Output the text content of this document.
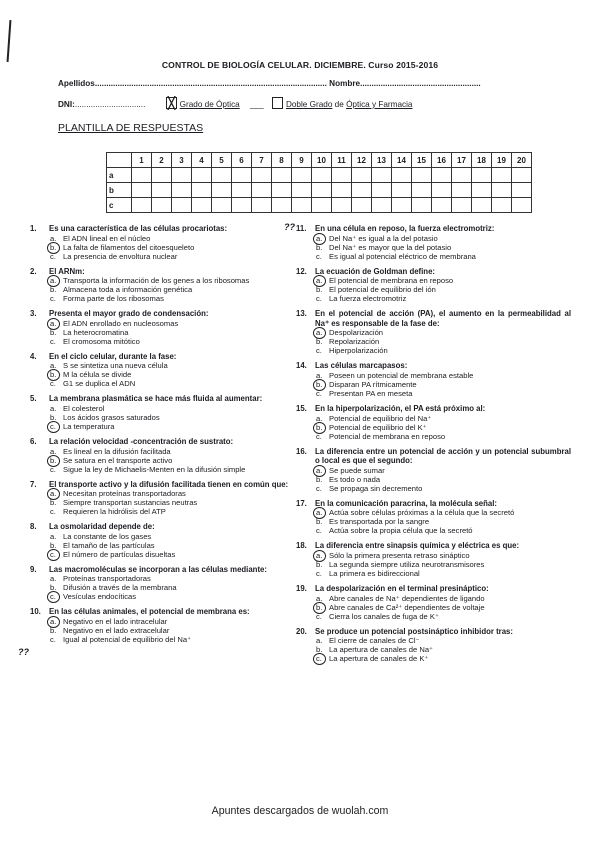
CONTROL DE BIOLOGÍA CELULAR. DICIEMBRE. Curso 2015-2016
Apellidos...................................................................................................... Nombre.....................................................
DNI:...............................	Grado de Óptica ___	Doble Grado de Óptica y Farmacia
PLANTILLA DE RESPUESTAS
	1	2	3	4	5	6	7	8	9	10	11	12	13	14	15	16	17	18	19	20
a																				
b																				
c																				
1.	Es una característica de las células procariotas:
a. El ADN lineal en el núcleo
b. La falta de filamentos del citoesqueleto
c. La presencia de envoltura nuclear
2.	El ARNm:
a. Transporta la información de los genes a los ribosomas
b. Almacena toda a información genética
c. Forma parte de los ribosomas
3.	Presenta el mayor grado de condensación:
a. El ADN enrollado en nucleosomas
b. La heterocromatina
c. El cromosoma mitótico
4.	En el ciclo celular, durante la fase:
a. S se sintetiza una nueva célula
b. M la célula se divide
c. G1 se duplica el ADN
5.	La membrana plasmática se hace más fluida al aumentar:
a. El colesterol
b. Los ácidos grasos saturados
c. La temperatura
6.	La relación velocidad -concentración de sustrato:
a. Es lineal en la difusión facilitada
b. Se satura en el transporte activo
c. Sigue la ley de Michaelis-Menten en la difusión simple
7.	El transporte activo y la difusión facilitada tienen en común que:
a. Necesitan proteínas transportadoras
b. Siempre transportan sustancias neutras
c. Requieren la hidrólisis del ATP
8.	La osmolaridad depende de:
a. La constante de los gases
b. El tamaño de las partículas
c. El número de partículas disueltas
9.	Las macromoléculas se incorporan a las células mediante:
a. Proteínas transportadoras
b. Difusión a través de la membrana
c. Vesículas endocíticas
10.	En las células animales, el potencial de membrana es:
a. Negativo en el lado intracelular
b. Negativo en el lado extracelular
c. Igual al potencial de equilibrio del Na⁺
11.	En una célula en reposo, la fuerza electromotriz:
a. Del Na⁺ es igual a la del potasio
b. Del Na⁺ es mayor que la del potasio
c. Es igual al potencial eléctrico de membrana
12.	La ecuación de Goldman define:
a. El potencial de membrana en reposo
b. El potencial de equilibrio del ión
c. La fuerza electromotriz
13.	En el potencial de acción (PA), el aumento en la permeabilidad al Na⁺ es responsable de la fase de:
a. Despolarización
b. Repolarización
c. Hiperpolarización
14.	Las células marcapasos:
a. Poseen un potencial de membrana estable
b. Disparan PA rítmicamente
c. Presentan PA en meseta
15.	En la hiperpolarización, el PA está próximo al:
a. Potencial de equilibrio del Na⁺
b. Potencial de equilibrio del K⁺
c. Potencial de membrana en reposo
16.	La diferencia entre un potencial de acción y un potencial subumbral o local es que el segundo:
a. Se puede sumar
b. Es todo o nada
c. Se propaga sin decremento
17.	En la comunicación paracrina, la molécula señal:
a. Actúa sobre células próximas a la célula que la secretó
b. Es transportada por la sangre
c. Actúa sobre la propia célula que la secretó
18.	La diferencia entre sinapsis química y eléctrica es que:
a. Sólo la primera presenta retraso sináptico
b. La segunda siempre utiliza neurotransmisores
c. La primera es bidireccional
19.	La despolarización en el terminal presináptico:
a. Abre canales de Na⁺ dependientes de ligando
b. Abre canales de Ca²⁺ dependientes de voltaje
c. Cierra los canales de fuga de K⁺
20.	Se produce un potencial postsináptico inhibidor tras:
a. El cierre de canales de Cl⁻
b. La apertura de canales de Na⁺
c. La apertura de canales de K⁺
??
??
Apuntes descargados de wuolah.com
